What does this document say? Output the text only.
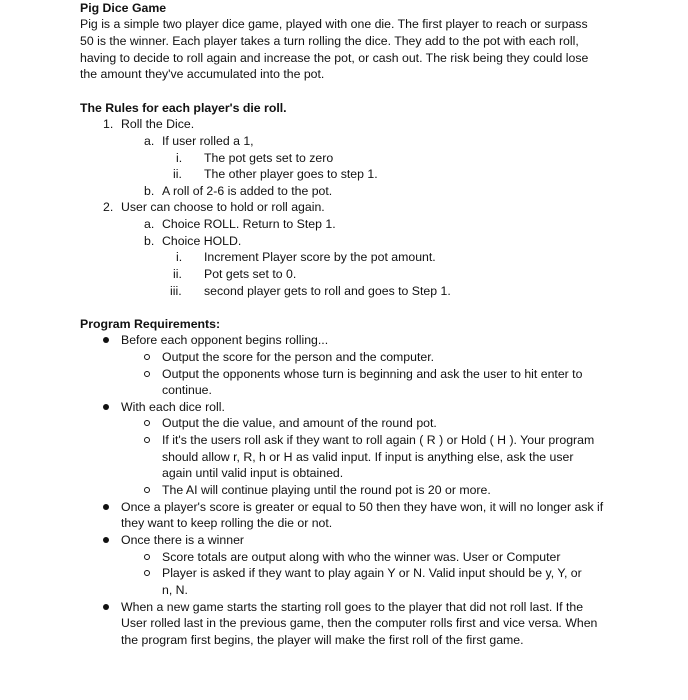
Pig Dice Game
Pig is a simple two player dice game, played with one die. The first player to reach or surpass
50 is the winner. Each player takes a turn rolling the dice. They add to the pot with each roll,
having to decide to roll again and increase the pot, or cash out. The risk being they could lose
the amount they've accumulated into the pot.
The Rules for each player's die roll.
1. Roll the Dice.
a. If user rolled a 1,
i. The pot gets set to zero
ii. The other player goes to step 1.
b. A roll of 2-6 is added to the pot.
2. User can choose to hold or roll again.
a. Choice ROLL. Return to Step 1.
b. Choice HOLD.
i. Increment Player score by the pot amount.
ii. Pot gets set to 0.
iii. second player gets to roll and goes to Step 1.
Program Requirements:
Before each opponent begins rolling...
Output the score for the person and the computer.
Output the opponents whose turn is beginning and ask the user to hit enter to
continue.
With each dice roll.
Output the die value, and amount of the round pot.
If it's the users roll ask if they want to roll again ( R ) or Hold ( H ). Your program
should allow r, R, h or H as valid input. If input is anything else, ask the user
again until valid input is obtained.
The AI will continue playing until the round pot is 20 or more.
Once a player's score is greater or equal to 50 then they have won, it will no longer ask if
they want to keep rolling the die or not.
Once there is a winner
Score totals are output along with who the winner was. User or Computer
Player is asked if they want to play again Y or N. Valid input should be y, Y, or
n, N.
When a new game starts the starting roll goes to the player that did not roll last. If the
User rolled last in the previous game, then the computer rolls first and vice versa. When
the program first begins, the player will make the first roll of the first game.
